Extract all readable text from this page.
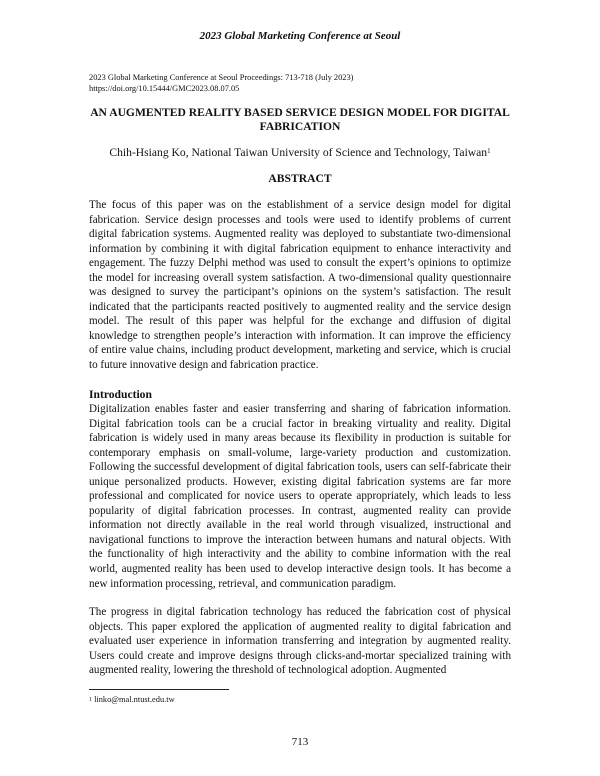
2023 Global Marketing Conference at Seoul
2023 Global Marketing Conference at Seoul Proceedings: 713-718 (July 2023)
https://doi.org/10.15444/GMC2023.08.07.05
AN AUGMENTED REALITY BASED SERVICE DESIGN MODEL FOR DIGITAL FABRICATION
Chih-Hsiang Ko, National Taiwan University of Science and Technology, Taiwan$^1$
ABSTRACT

The focus of this paper was on the establishment of a service design model for digital fabrication. Service design processes and tools were used to identify problems of current digital fabrication systems. Augmented reality was deployed to substantiate two-dimensional information by combining it with digital fabrication equipment to enhance interactivity and engagement. The fuzzy Delphi method was used to consult the expert’s opinions to optimize the model for increasing overall system satisfaction. A two-dimensional quality questionnaire was designed to survey the participant’s opinions on the system’s satisfaction. The result indicated that the participants reacted positively to augmented reality and the service design model. The result of this paper was helpful for the exchange and diffusion of digital knowledge to strengthen people’s interaction with information. It can improve the efficiency of entire value chains, including product development, marketing and service, which is crucial to future innovative design and fabrication practice.

Introduction

Digitalization enables faster and easier transferring and sharing of fabrication information. Digital fabrication tools can be a crucial factor in breaking virtuality and reality. Digital fabrication is widely used in many areas because its flexibility in production is suitable for contemporary emphasis on small-volume, large-variety production and customization. Following the successful development of digital fabrication tools, users can self-fabricate their unique personalized products. However, existing digital fabrication systems are far more professional and complicated for novice users to operate appropriately, which leads to less popularity of digital fabrication processes. In contrast, augmented reality can provide information not directly available in the real world through visualized, instructional and navigational functions to improve the interaction between humans and natural objects. With the functionality of high interactivity and the ability to combine information with the real world, augmented reality has been used to develop interactive design tools. It has become a new information processing, retrieval, and communication paradigm.

The progress in digital fabrication technology has reduced the fabrication cost of physical objects. This paper explored the application of augmented reality to digital fabrication and evaluated user experience in information transferring and integration by augmented reality. Users could create and improve designs through clicks-and-mortar specialized training with augmented reality, lowering the threshold of technological adoption. Augmented

$^1$ linko@mal.ntust.edu.tw
713
